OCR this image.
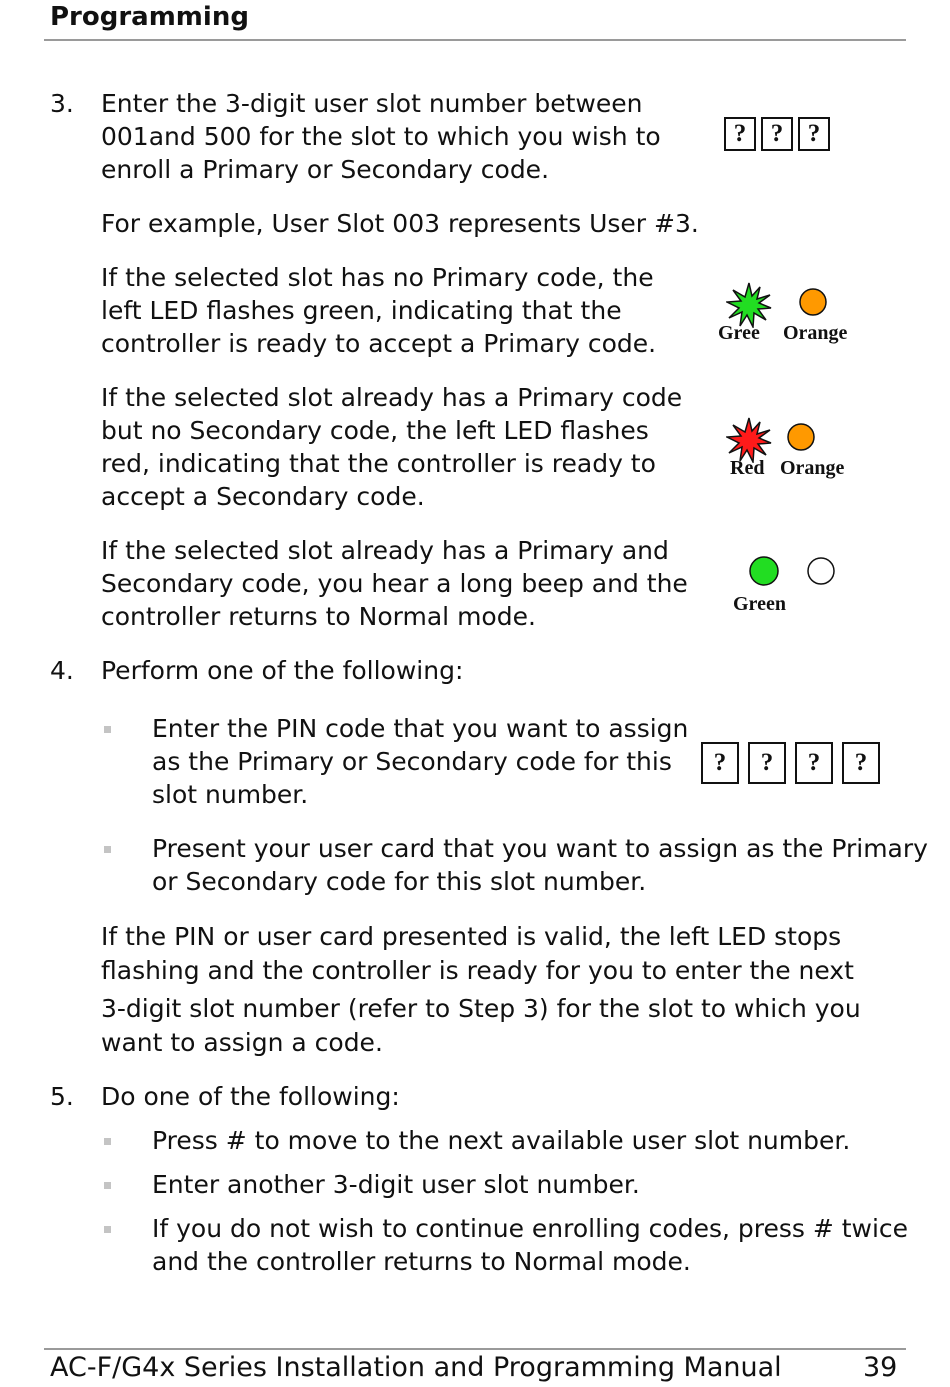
Programming
3. Enter the 3-digit user slot number between
001and 500 for the slot to which you wish to
enroll a Primary or Secondary code.
? ? ?
For example, User Slot 003 represents User #3.
If the selected slot has no Primary code, the
left LED flashes green, indicating that the
controller is ready to accept a Primary code.	Gree Orange
If the selected slot already has a Primary code
but no Secondary code, the left LED flashes
red, indicating that the controller is ready to
accept a Secondary code.
Red Orange
If the selected slot already has a Primary and
Secondary code, you hear a long beep and the
controller returns to Normal mode.	Green
4. Perform one of the following:
Enter the PIN code that you want to assign
as the Primary or Secondary code for this
slot number.
?	?	?	?
Present your user card that you want to assign as the Primary
or Secondary code for this slot number.
If the PIN or user card presented is valid, the left LED stops
flashing and the controller is ready for you to enter the next
3-digit slot number (refer to Step 3) for the slot to which you
want to assign a code.
5. Do one of the following:
Press # to move to the next available user slot number.
Enter another 3-digit user slot number.
If you do not wish to continue enrolling codes, press # twice
and the controller returns to Normal mode.
AC-F/G4x Series Installation and Programming Manual	39
